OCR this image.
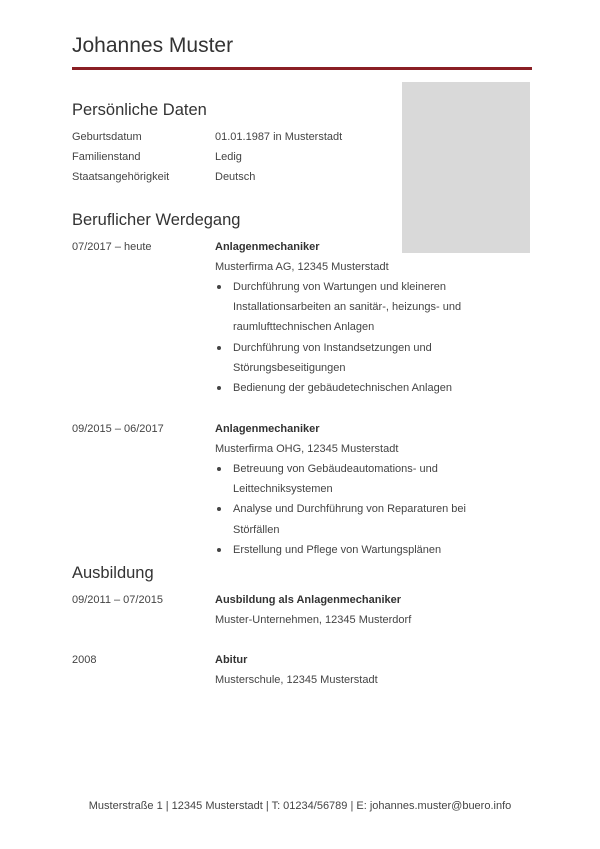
Johannes Muster
Persönliche Daten
Geburtsdatum	01.01.1987 in Musterstadt
Familienstand	Ledig
Staatsangehörigkeit	Deutsch
Beruflicher Werdegang
07/2017 – heute	Anlagenmechaniker
Musterfirma AG, 12345 Musterstadt
Durchführung von Wartungen und kleineren Installationsarbeiten an sanitär-, heizungs- und raumlufttechnischen Anlagen
Durchführung von Instandsetzungen und Störungsbeseitigungen
Bedienung der gebäudetechnischen Anlagen
09/2015 – 06/2017	Anlagenmechaniker
Musterfirma OHG, 12345 Musterstadt
Betreuung von Gebäudeautomations- und Leittechniksystemen
Analyse und Durchführung von Reparaturen bei Störfällen
Erstellung und Pflege von Wartungsplänen
Ausbildung
09/2011 – 07/2015	Ausbildung als Anlagenmechaniker
Muster-Unternehmen, 12345 Musterdorf
2008	Abitur
Musterschule, 12345 Musterstadt
Musterstraße 1 | 12345 Musterstadt | T: 01234/56789 | E: johannes.muster@buero.info
